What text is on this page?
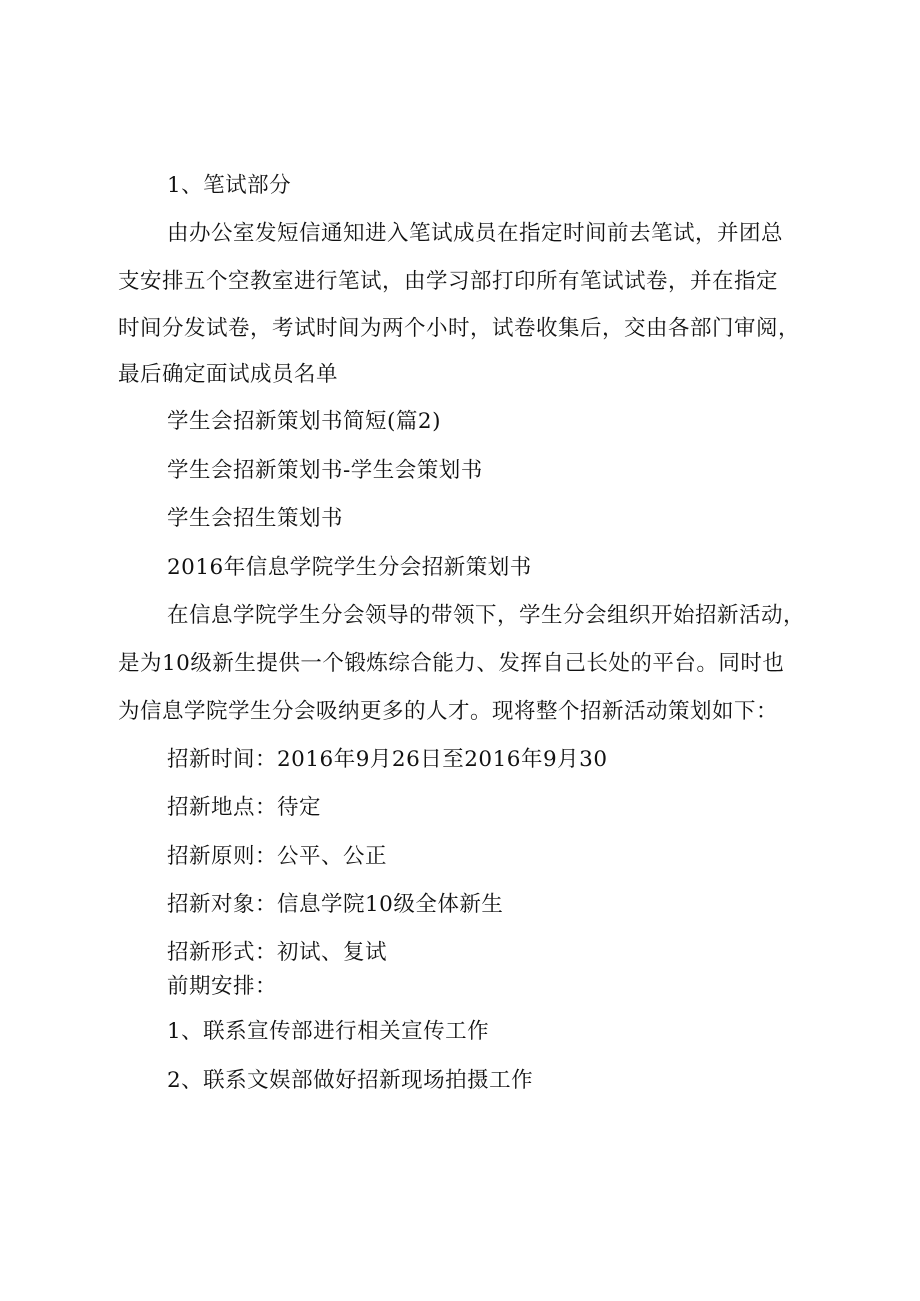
1、笔试部分
由办公室发短信通知进入笔试成员在指定时间前去笔试，并团总
支安排五个空教室进行笔试，由学习部打印所有笔试试卷，并在指定
时间分发试卷，考试时间为两个小时，试卷收集后，交由各部门审阅，
最后确定面试成员名单
学生会招新策划书简短(篇2)
学生会招新策划书-学生会策划书
学生会招生策划书
2016年信息学院学生分会招新策划书
在信息学院学生分会领导的带领下，学生分会组织开始招新活动，
是为10级新生提供一个锻炼综合能力、发挥自己长处的平台。同时也
为信息学院学生分会吸纳更多的人才。现将整个招新活动策划如下：
招新时间：2016年9月26日至2016年9月30
招新地点：待定
招新原则：公平、公正
招新对象：信息学院10级全体新生
招新形式：初试、复试
前期安排：
1、联系宣传部进行相关宣传工作
2、联系文娱部做好招新现场拍摄工作
